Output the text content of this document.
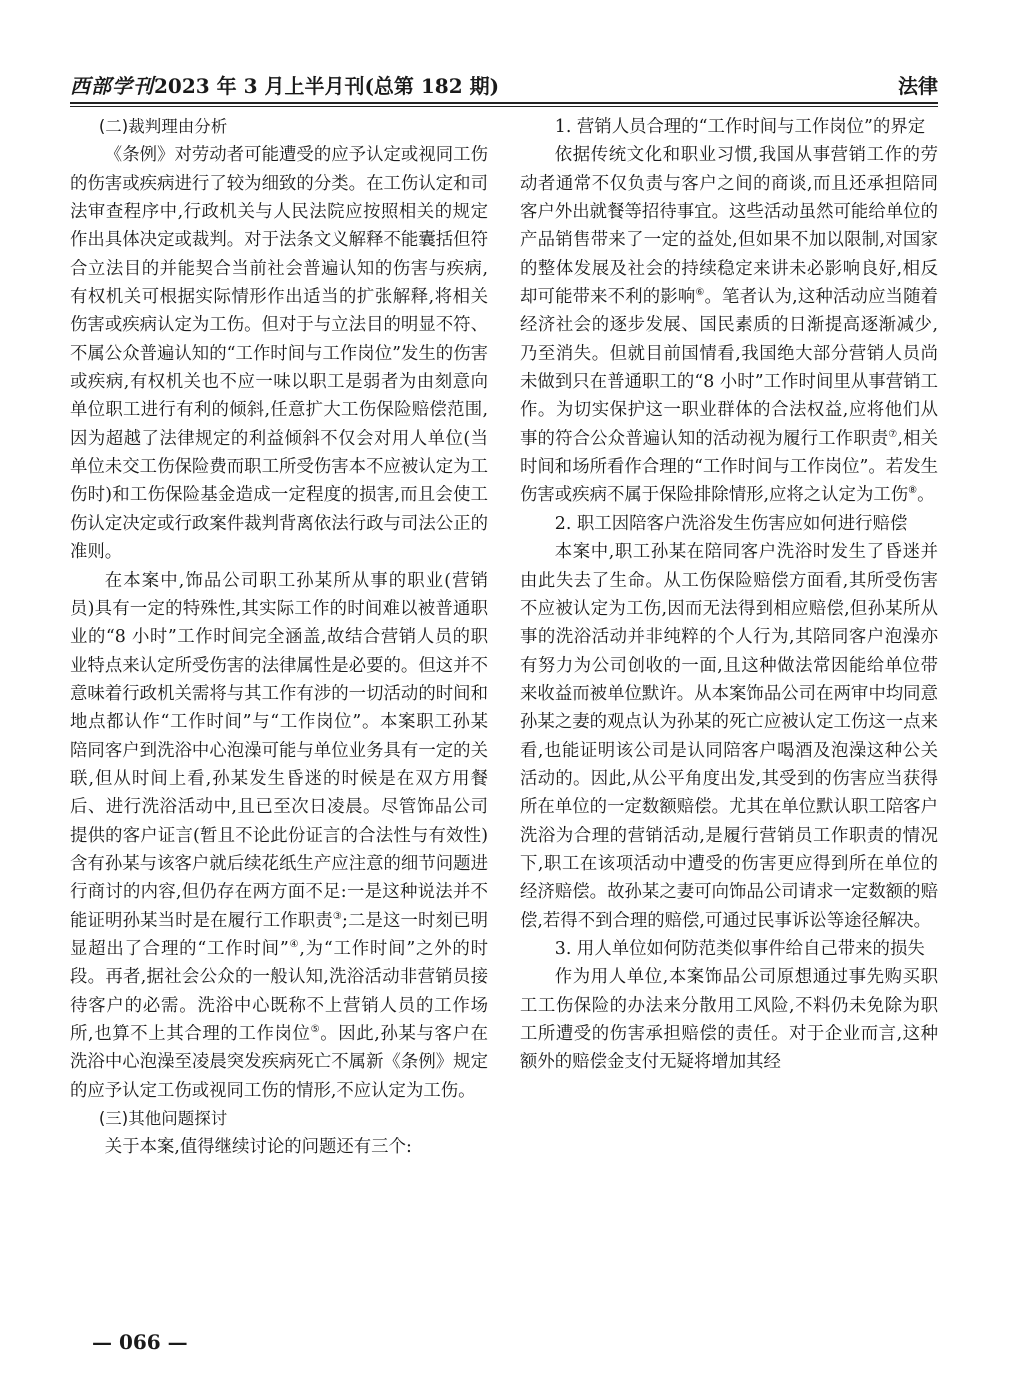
西部学刊2023 年 3 月上半月刊(总第 182 期)	法律

(二)裁判理由分析

《条例》对劳动者可能遭受的应予认定或视同工伤的伤害或疾病进行了较为细致的分类。在工伤认定和司法审查程序中,行政机关与人民法院应按照相关的规定作出具体决定或裁判。对于法条文义解释不能囊括但符合立法目的并能契合当前社会普遍认知的伤害与疾病,有权机关可根据实际情形作出适当的扩张解释,将相关伤害或疾病认定为工伤。但对于与立法目的明显不符、不属公众普遍认知的“工作时间与工作岗位”发生的伤害或疾病,有权机关也不应一味以职工是弱者为由刻意向单位职工进行有利的倾斜,任意扩大工伤保险赔偿范围,因为超越了法律规定的利益倾斜不仅会对用人单位(当单位未交工伤保险费而职工所受伤害本不应被认定为工伤时)和工伤保险基金造成一定程度的损害,而且会使工伤认定决定或行政案件裁判背离依法行政与司法公正的准则。

在本案中,饰品公司职工孙某所从事的职业(营销员)具有一定的特殊性,其实际工作的时间难以被普通职业的“8 小时”工作时间完全涵盖,故结合营销人员的职业特点来认定所受伤害的法律属性是必要的。但这并不意味着行政机关需将与其工作有涉的一切活动的时间和地点都认作“工作时间”与“工作岗位”。本案职工孙某陪同客户到洗浴中心泡澡可能与单位业务具有一定的关联,但从时间上看,孙某发生昏迷的时候是在双方用餐后、进行洗浴活动中,且已至次日凌晨。尽管饰品公司提供的客户证言(暂且不论此份证言的合法性与有效性)含有孙某与该客户就后续花纸生产应注意的细节问题进行商讨的内容,但仍存在两方面不足:一是这种说法并不能证明孙某当时是在履行工作职责③;二是这一时刻已明显超出了合理的“工作时间”④,为“工作时间”之外的时段。再者,据社会公众的一般认知,洗浴活动非营销员接待客户的必需。洗浴中心既称不上营销人员的工作场所,也算不上其合理的工作岗位⑤。因此,孙某与客户在洗浴中心泡澡至凌晨突发疾病死亡不属新《条例》规定的应予认定工伤或视同工伤的情形,不应认定为工伤。

(三)其他问题探讨

关于本案,值得继续讨论的问题还有三个:

1. 营销人员合理的“工作时间与工作岗位”的界定

依据传统文化和职业习惯,我国从事营销工作的劳动者通常不仅负责与客户之间的商谈,而且还承担陪同客户外出就餐等招待事宜。这些活动虽然可能给单位的产品销售带来了一定的益处,但如果不加以限制,对国家的整体发展及社会的持续稳定来讲未必影响良好,相反却可能带来不利的影响⑥。笔者认为,这种活动应当随着经济社会的逐步发展、国民素质的日渐提高逐渐减少,乃至消失。但就目前国情看,我国绝大部分营销人员尚未做到只在普通职工的“8 小时”工作时间里从事营销工作。为切实保护这一职业群体的合法权益,应将他们从事的符合公众普遍认知的活动视为履行工作职责⑦,相关时间和场所看作合理的“工作时间与工作岗位”。若发生伤害或疾病不属于保险排除情形,应将之认定为工伤⑧。

2. 职工因陪客户洗浴发生伤害应如何进行赔偿

本案中,职工孙某在陪同客户洗浴时发生了昏迷并由此失去了生命。从工伤保险赔偿方面看,其所受伤害不应被认定为工伤,因而无法得到相应赔偿,但孙某所从事的洗浴活动并非纯粹的个人行为,其陪同客户泡澡亦有努力为公司创收的一面,且这种做法常因能给单位带来收益而被单位默许。从本案饰品公司在两审中均同意孙某之妻的观点认为孙某的死亡应被认定工伤这一点来看,也能证明该公司是认同陪客户喝酒及泡澡这种公关活动的。因此,从公平角度出发,其受到的伤害应当获得所在单位的一定数额赔偿。尤其在单位默认职工陪客户洗浴为合理的营销活动,是履行营销员工作职责的情况下,职工在该项活动中遭受的伤害更应得到所在单位的经济赔偿。故孙某之妻可向饰品公司请求一定数额的赔偿,若得不到合理的赔偿,可通过民事诉讼等途径解决。

3. 用人单位如何防范类似事件给自己带来的损失

作为用人单位,本案饰品公司原想通过事先购买职工工伤保险的办法来分散用工风险,不料仍未免除为职工所遭受的伤害承担赔偿的责任。对于企业而言,这种额外的赔偿金支付无疑将增加其经

— 066 —
